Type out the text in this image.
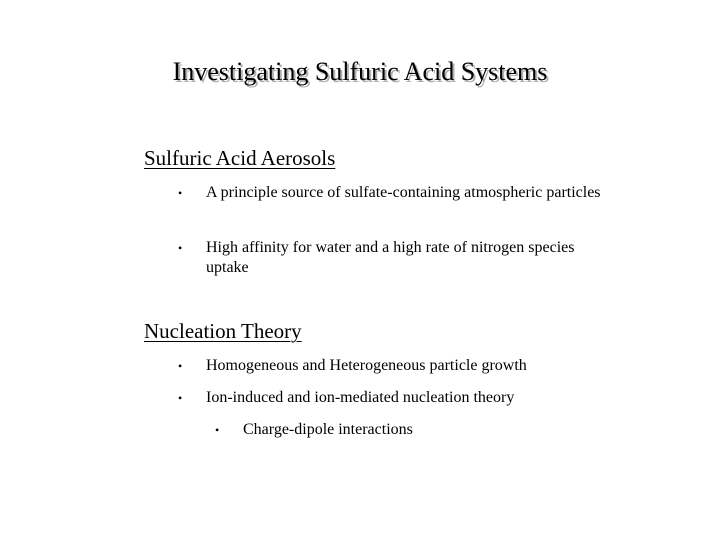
Investigating Sulfuric Acid Systems
Sulfuric Acid Aerosols
•	A principle source of sulfate-containing atmospheric particles
•	High affinity for water and a high rate of nitrogen species uptake
Nucleation Theory
•	Homogeneous and Heterogeneous particle growth
•	Ion-induced and ion-mediated nucleation theory
•	Charge-dipole interactions
